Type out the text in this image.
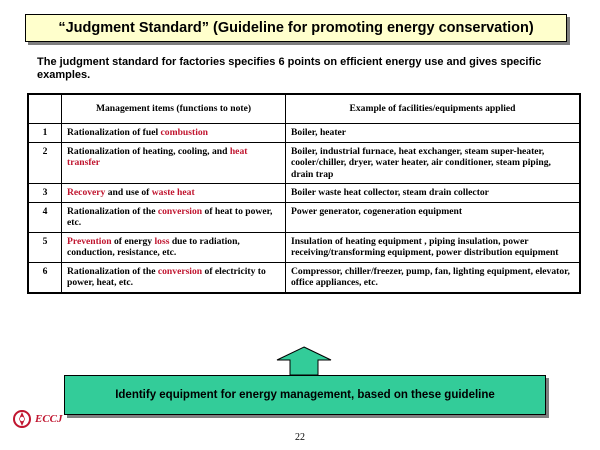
“Judgment Standard” (Guideline for promoting energy conservation)
The judgment standard for factories specifies 6 points on efficient energy use and gives specific examples.
	Management items (functions to note)	Example of facilities/equipments applied
1	Rationalization of fuel combustion	Boiler, heater
2	Rationalization of heating, cooling, and heat transfer	Boiler, industrial furnace, heat exchanger, steam super-heater, cooler/chiller, dryer, water heater, air conditioner, steam piping, drain trap
3	Recovery and use of waste heat	Boiler waste heat collector, steam drain collector
4	Rationalization of the conversion of heat to power, etc.	Power generator, cogeneration equipment
5	Prevention of energy loss due to radiation, conduction, resistance, etc.	Insulation of heating equipment , piping insulation, power receiving/transforming equipment, power distribution equipment
6	Rationalization of the conversion of electricity to power, heat, etc.	Compressor, chiller/freezer, pump, fan, lighting equipment, elevator, office appliances, etc.
Identify equipment for energy management, based on these guideline
ECCJ
22
